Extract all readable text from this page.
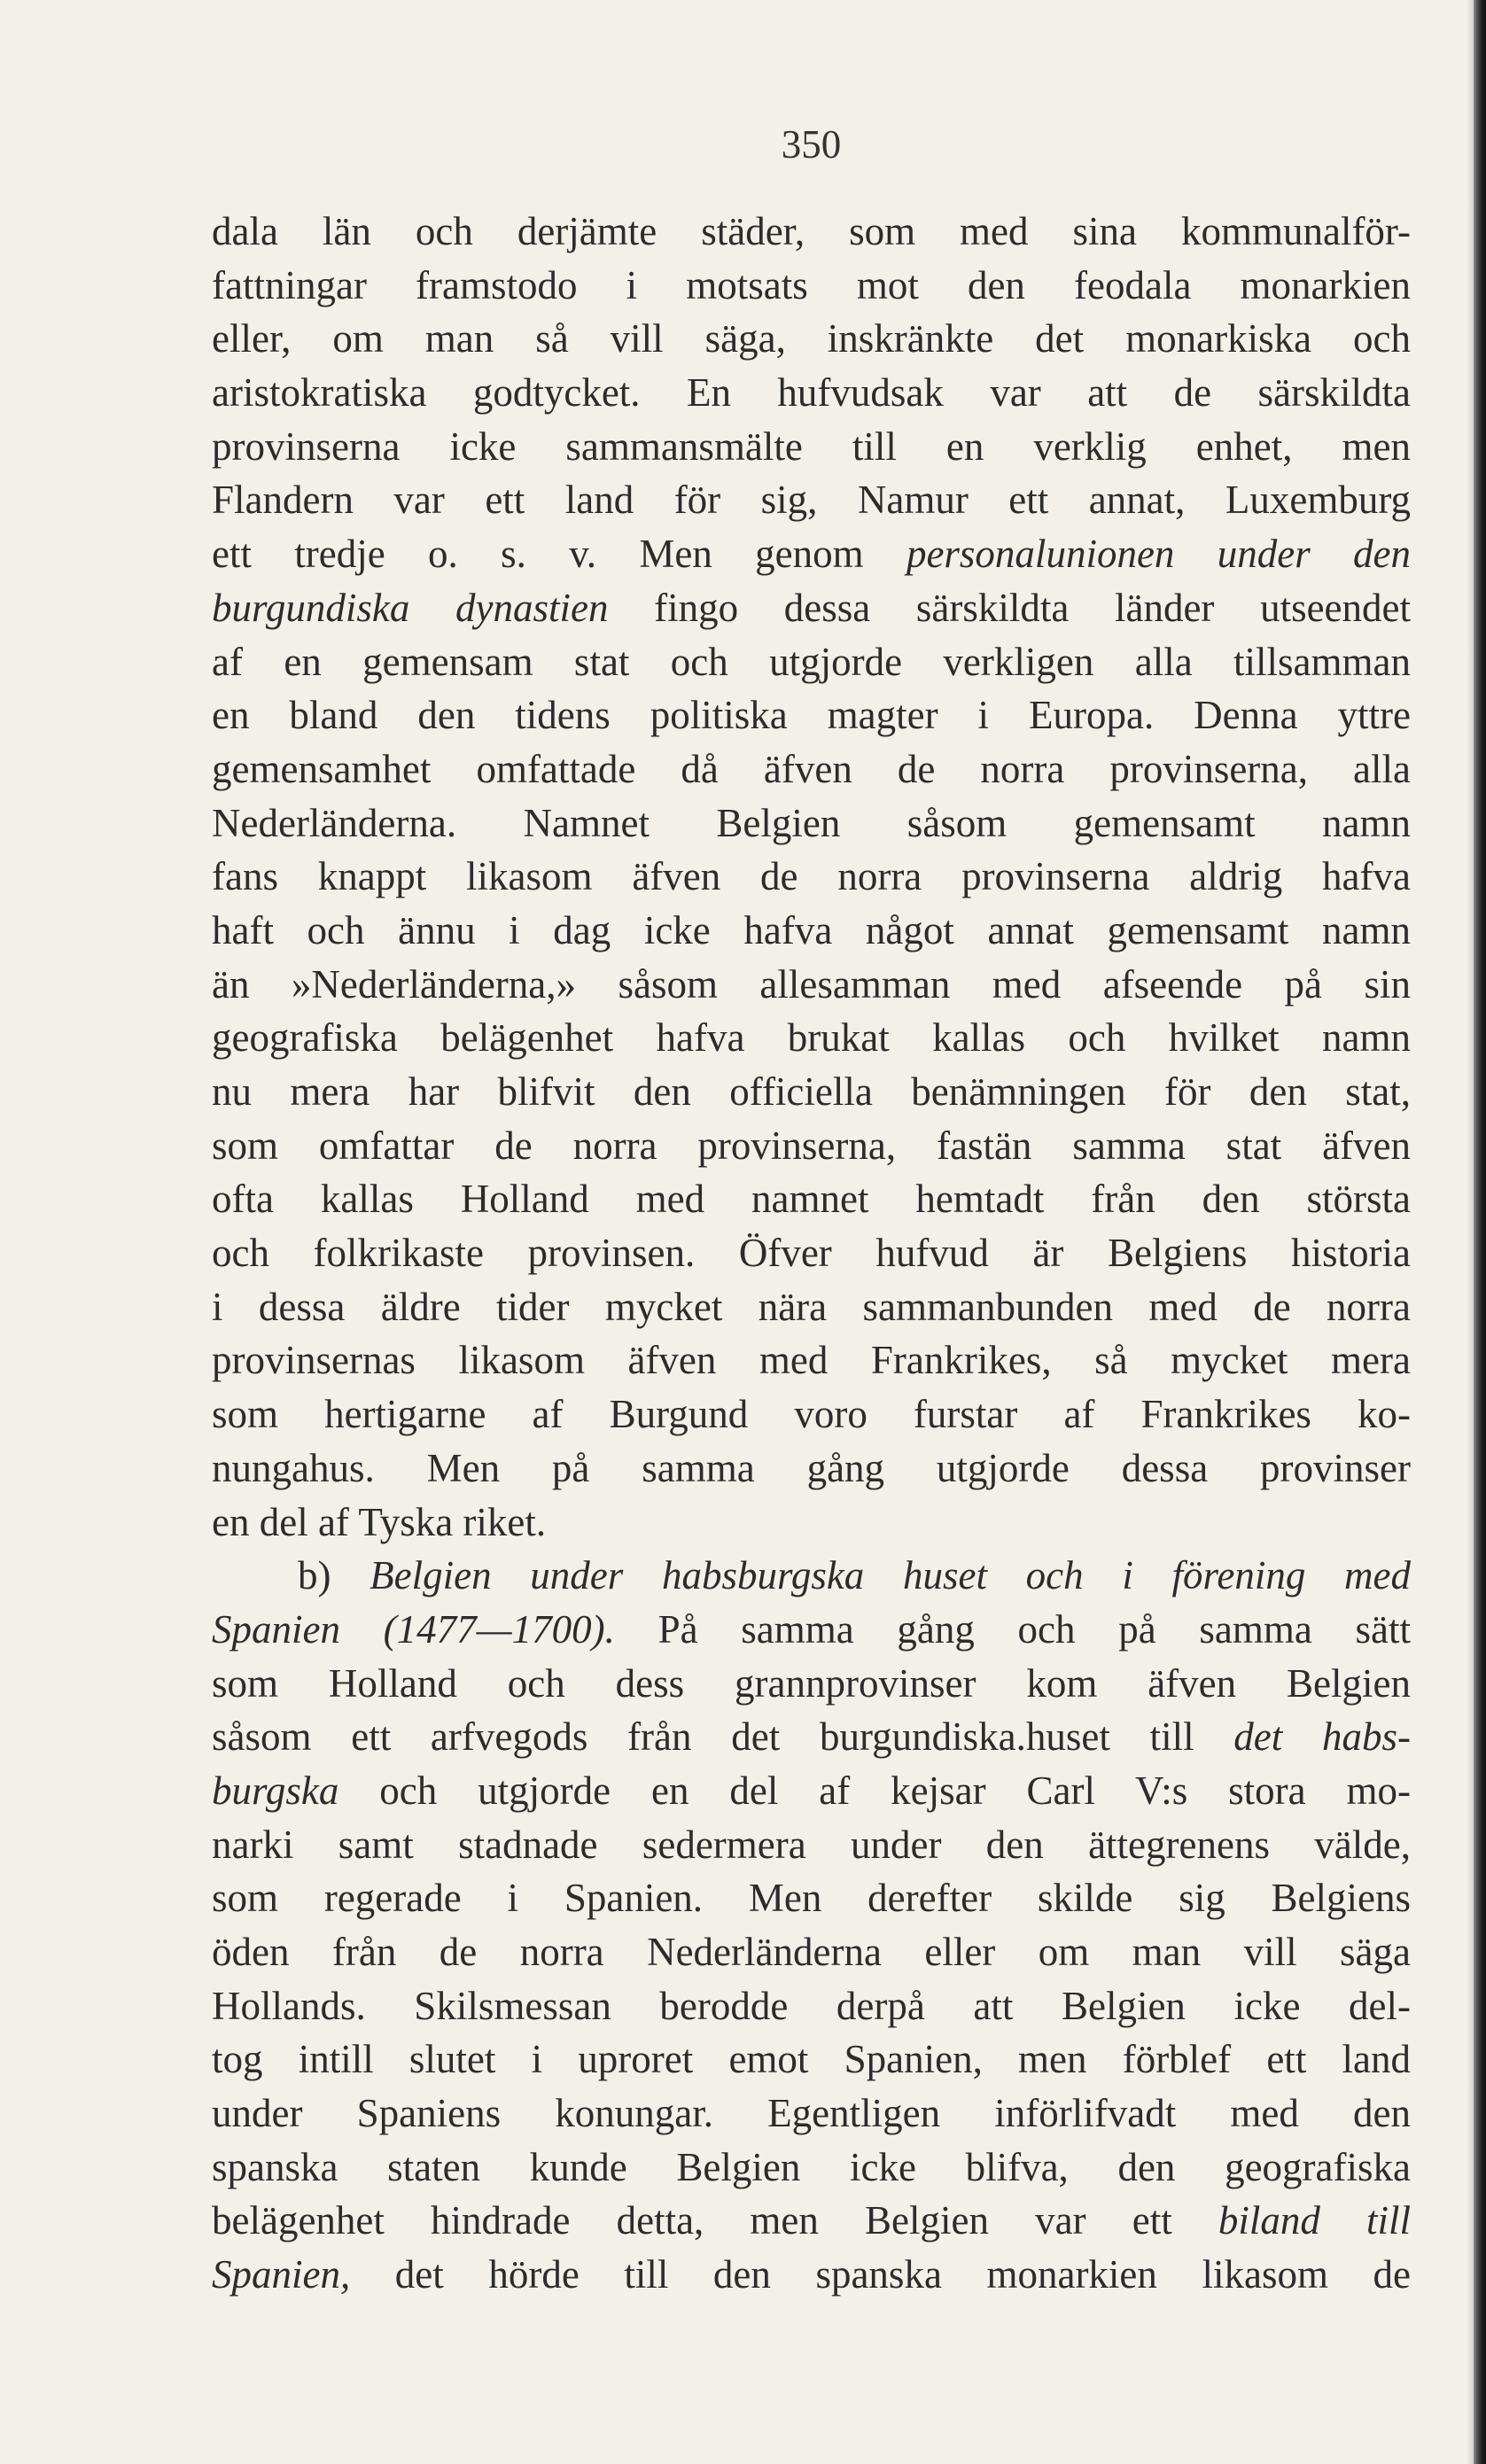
350
dala län och derjämte städer, som med sina kommunalför-
fattningar framstodo i motsats mot den feodala monarkien
eller, om man så vill säga, inskränkte det monarkiska och
aristokratiska godtycket. En hufvudsak var att de särskildta
provinserna icke sammansmälte till en verklig enhet, men
Flandern var ett land för sig, Namur ett annat, Luxemburg
ett tredje o. s. v. Men genom personalunionen under den
burgundiska dynastien fingo dessa särskildta länder utseendet
af en gemensam stat och utgjorde verkligen alla tillsamman
en bland den tidens politiska magter i Europa. Denna yttre
gemensamhet omfattade då äfven de norra provinserna, alla
Nederländerna. Namnet Belgien såsom gemensamt namn
fans knappt likasom äfven de norra provinserna aldrig hafva
haft och ännu i dag icke hafva något annat gemensamt namn
än »Nederländerna,» såsom allesamman med afseende på sin
geografiska belägenhet hafva brukat kallas och hvilket namn
nu mera har blifvit den officiella benämningen för den stat,
som omfattar de norra provinserna, fastän samma stat äfven
ofta kallas Holland med namnet hemtadt från den största
och folkrikaste provinsen. Öfver hufvud är Belgiens historia
i dessa äldre tider mycket nära sammanbunden med de norra
provinsernas likasom äfven med Frankrikes, så mycket mera
som hertigarne af Burgund voro furstar af Frankrikes ko-
nungahus. Men på samma gång utgjorde dessa provinser
en del af Tyska riket.
b) Belgien under habsburgska huset och i förening med
Spanien (1477—1700). På samma gång och på samma sätt
som Holland och dess grannprovinser kom äfven Belgien
såsom ett arfvegods från det burgundiska.huset till det habs-
burgska och utgjorde en del af kejsar Carl V:s stora mo-
narki samt stadnade sedermera under den ättegrenens välde,
som regerade i Spanien. Men derefter skilde sig Belgiens
öden från de norra Nederländerna eller om man vill säga
Hollands. Skilsmessan berodde derpå att Belgien icke del-
tog intill slutet i uproret emot Spanien, men förblef ett land
under Spaniens konungar. Egentligen införlifvadt med den
spanska staten kunde Belgien icke blifva, den geografiska
belägenhet hindrade detta, men Belgien var ett biland till
Spanien, det hörde till den spanska monarkien likasom de
